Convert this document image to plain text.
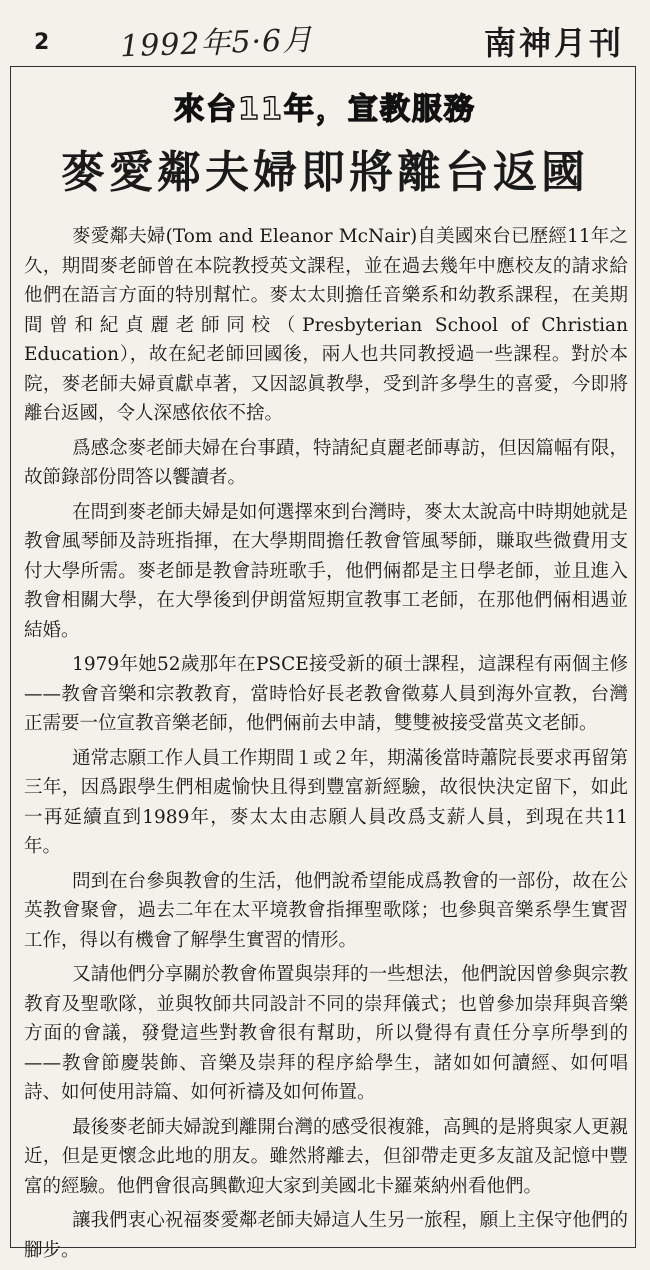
2 1992年5·6月	南神月刊
來台11年，宣教服務
麥愛鄰夫婦即將離台返國

麥愛鄰夫婦(Tom and Eleanor McNair)自美國來台已歷經11年之久，期間麥老師曾在本院教授英文課程，並在過去幾年中應校友的請求給他們在語言方面的特別幫忙。麥太太則擔任音樂系和幼教系課程，在美期間曾和紀貞麗老師同校（Presbyterian School of Christian Education），故在紀老師回國後，兩人也共同教授過一些課程。對於本院，麥老師夫婦貢獻卓著，又因認眞教學，受到許多學生的喜愛，今即將離台返國，令人深感依依不捨。

爲感念麥老師夫婦在台事蹟，特請紀貞麗老師專訪，但因篇幅有限，故節錄部份問答以饗讀者。

在問到麥老師夫婦是如何選擇來到台灣時，麥太太說高中時期她就是教會風琴師及詩班指揮，在大學期間擔任教會管風琴師，賺取些微費用支付大學所需。麥老師是教會詩班歌手，他們倆都是主日學老師，並且進入教會相關大學，在大學後到伊朗當短期宣教事工老師，在那他們倆相遇並結婚。

1979年她52歲那年在PSCE接受新的碩士課程，這課程有兩個主修——教會音樂和宗教教育，當時恰好長老教會徵募人員到海外宣教，台灣正需要一位宣教音樂老師，他們倆前去申請，雙雙被接受當英文老師。

通常志願工作人員工作期間１或２年，期滿後當時蕭院長要求再留第三年，因爲跟學生們相處愉快且得到豐富新經驗，故很快決定留下，如此一再延續直到1989年，麥太太由志願人員改爲支薪人員，到現在共11年。

問到在台參與教會的生活，他們說希望能成爲教會的一部份，故在公英教會聚會，過去二年在太平境教會指揮聖歌隊；也參與音樂系學生實習工作，得以有機會了解學生實習的情形。

又請他們分享關於教會佈置與崇拜的一些想法，他們說因曾參與宗教教育及聖歌隊，並與牧師共同設計不同的崇拜儀式；也曾參加崇拜與音樂方面的會議，發覺這些對教會很有幫助，所以覺得有責任分享所學到的——教會節慶裝飾、音樂及崇拜的程序給學生，諸如如何讀經、如何唱詩、如何使用詩篇、如何祈禱及如何佈置。

最後麥老師夫婦說到離開台灣的感受很複雜，高興的是將與家人更親近，但是更懷念此地的朋友。雖然將離去，但卻帶走更多友誼及記憶中豐富的經驗。他們會很高興歡迎大家到美國北卡羅萊納州看他們。

讓我們衷心祝福麥愛鄰老師夫婦這人生另一旅程，願上主保守他們的腳步。
